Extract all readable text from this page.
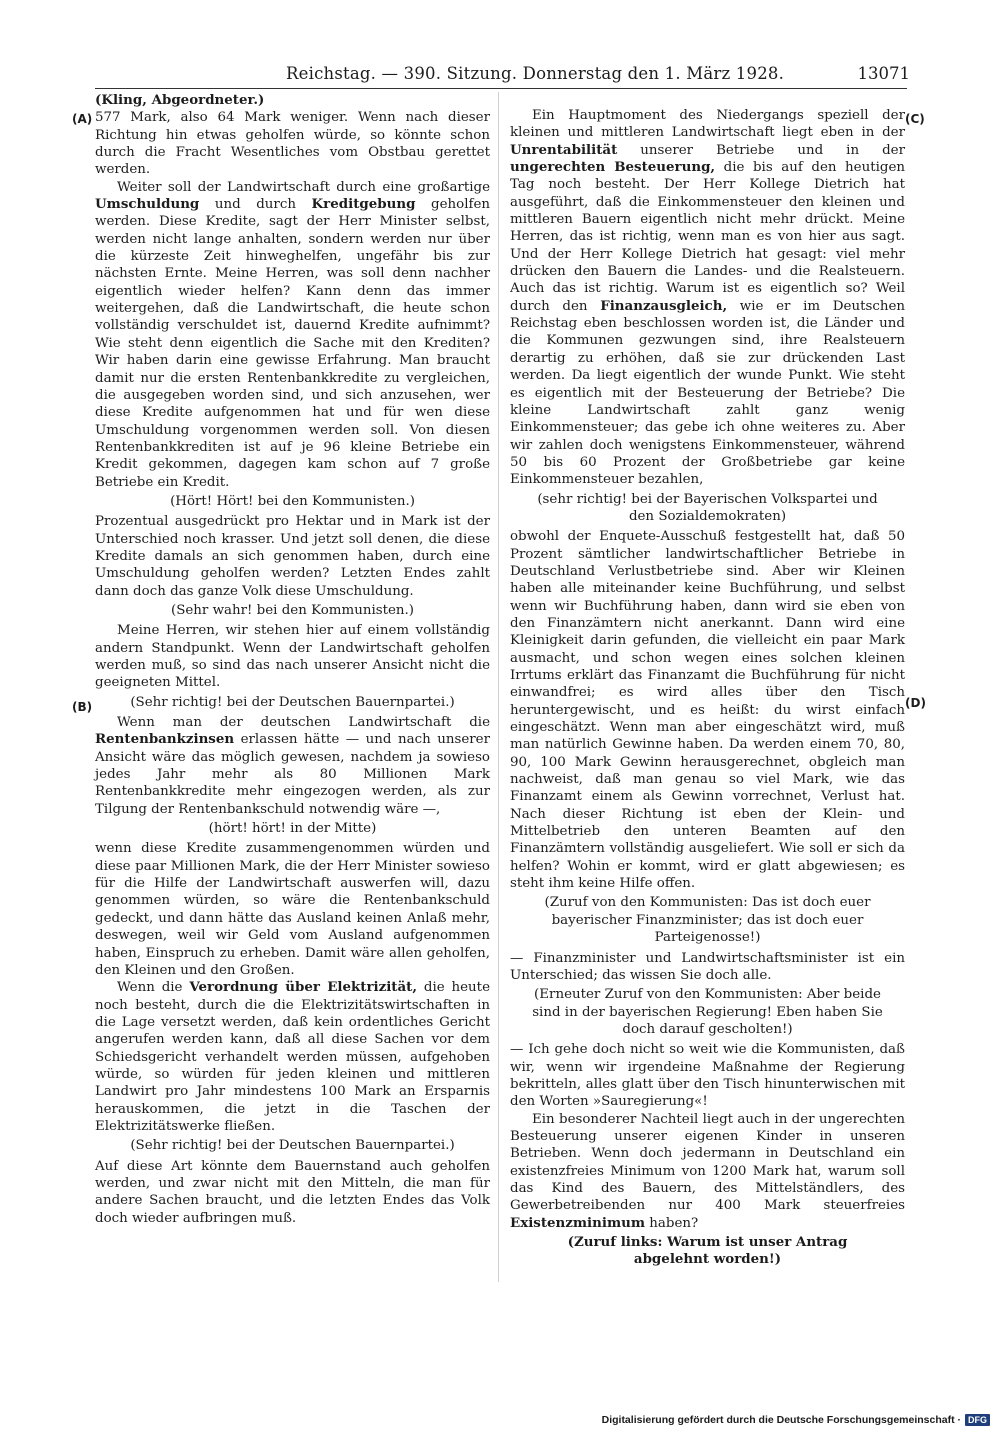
Reichstag. — 390. Sitzung. Donnerstag den 1. März 1928.	13071
(A)
(B)
(C)
(D)

(Kling, Abgeordneter.)

577 Mark, also 64 Mark weniger. Wenn nach dieser Richtung hin etwas geholfen würde, so könnte schon durch die Fracht Wesentliches vom Obstbau gerettet werden.

Weiter soll der Landwirtschaft durch eine großartige Umschuldung und durch Kreditgebung geholfen werden. Diese Kredite, sagt der Herr Minister selbst, werden nicht lange anhalten, sondern werden nur über die kürzeste Zeit hinweghelfen, ungefähr bis zur nächsten Ernte. Meine Herren, was soll denn nachher eigentlich wieder helfen? Kann denn das immer weitergehen, daß die Landwirtschaft, die heute schon vollständig verschuldet ist, dauernd Kredite aufnimmt? Wie steht denn eigentlich die Sache mit den Krediten? Wir haben darin eine gewisse Erfahrung. Man braucht damit nur die ersten Rentenbankkredite zu vergleichen, die ausgegeben worden sind, und sich anzusehen, wer diese Kredite aufgenommen hat und für wen diese Umschuldung vorgenommen werden soll. Von diesen Rentenbankkrediten ist auf je 96 kleine Betriebe ein Kredit gekommen, dagegen kam schon auf 7 große Betriebe ein Kredit.

(Hört! Hört! bei den Kommunisten.)

Prozentual ausgedrückt pro Hektar und in Mark ist der Unterschied noch krasser. Und jetzt soll denen, die diese Kredite damals an sich genommen haben, durch eine Umschuldung geholfen werden? Letzten Endes zahlt dann doch das ganze Volk diese Umschuldung.

(Sehr wahr! bei den Kommunisten.)

Meine Herren, wir stehen hier auf einem vollständig andern Standpunkt. Wenn der Landwirtschaft geholfen werden muß, so sind das nach unserer Ansicht nicht die geeigneten Mittel.

(Sehr richtig! bei der Deutschen Bauernpartei.)

Wenn man der deutschen Landwirtschaft die Rentenbankzinsen erlassen hätte — und nach unserer Ansicht wäre das möglich gewesen, nachdem ja sowieso jedes Jahr mehr als 80 Millionen Mark Rentenbankkredite mehr eingezogen werden, als zur Tilgung der Rentenbankschuld notwendig wäre —,

(hört! hört! in der Mitte)

wenn diese Kredite zusammengenommen würden und diese paar Millionen Mark, die der Herr Minister sowieso für die Hilfe der Landwirtschaft auswerfen will, dazu genommen würden, so wäre die Rentenbankschuld gedeckt, und dann hätte das Ausland keinen Anlaß mehr, deswegen, weil wir Geld vom Ausland aufgenommen haben, Einspruch zu erheben. Damit wäre allen geholfen, den Kleinen und den Großen.

Wenn die Verordnung über Elektrizität, die heute noch besteht, durch die die Elektrizitätswirtschaften in die Lage versetzt werden, daß kein ordentliches Gericht angerufen werden kann, daß all diese Sachen vor dem Schiedsgericht verhandelt werden müssen, aufgehoben würde, so würden für jeden kleinen und mittleren Landwirt pro Jahr mindestens 100 Mark an Ersparnis herauskommen, die jetzt in die Taschen der Elektrizitätswerke fließen.

(Sehr richtig! bei der Deutschen Bauernpartei.)

Auf diese Art könnte dem Bauernstand auch geholfen werden, und zwar nicht mit den Mitteln, die man für andere Sachen braucht, und die letzten Endes das Volk doch wieder aufbringen muß.

Ein Hauptmoment des Niedergangs speziell der kleinen und mittleren Landwirtschaft liegt eben in der Unrentabilität unserer Betriebe und in der ungerechten Besteuerung, die bis auf den heutigen Tag noch besteht. Der Herr Kollege Dietrich hat ausgeführt, daß die Einkommensteuer den kleinen und mittleren Bauern eigentlich nicht mehr drückt. Meine Herren, das ist richtig, wenn man es von hier aus sagt. Und der Herr Kollege Dietrich hat gesagt: viel mehr drücken den Bauern die Landes- und die Realsteuern. Auch das ist richtig. Warum ist es eigentlich so? Weil durch den Finanzausgleich, wie er im Deutschen Reichstag eben beschlossen worden ist, die Länder und die Kommunen gezwungen sind, ihre Realsteuern derartig zu erhöhen, daß sie zur drückenden Last werden. Da liegt eigentlich der wunde Punkt. Wie steht es eigentlich mit der Besteuerung der Betriebe? Die kleine Landwirtschaft zahlt ganz wenig Einkommensteuer; das gebe ich ohne weiteres zu. Aber wir zahlen doch wenigstens Einkommensteuer, während 50 bis 60 Prozent der Großbetriebe gar keine Einkommensteuer bezahlen,

(sehr richtig! bei der Bayerischen Volkspartei und den Sozialdemokraten)

obwohl der Enquete-Ausschuß festgestellt hat, daß 50 Prozent sämtlicher landwirtschaftlicher Betriebe in Deutschland Verlustbetriebe sind. Aber wir Kleinen haben alle miteinander keine Buchführung, und selbst wenn wir Buchführung haben, dann wird sie eben von den Finanzämtern nicht anerkannt. Dann wird eine Kleinigkeit darin gefunden, die vielleicht ein paar Mark ausmacht, und schon wegen eines solchen kleinen Irrtums erklärt das Finanzamt die Buchführung für nicht einwandfrei; es wird alles über den Tisch heruntergewischt, und es heißt: du wirst einfach eingeschätzt. Wenn man aber eingeschätzt wird, muß man natürlich Gewinne haben. Da werden einem 70, 80, 90, 100 Mark Gewinn herausgerechnet, obgleich man nachweist, daß man genau so viel Mark, wie das Finanzamt einem als Gewinn vorrechnet, Verlust hat. Nach dieser Richtung ist eben der Klein- und Mittelbetrieb den unteren Beamten auf den Finanzämtern vollständig ausgeliefert. Wie soll er sich da helfen? Wohin er kommt, wird er glatt abgewiesen; es steht ihm keine Hilfe offen.

(Zuruf von den Kommunisten: Das ist doch euer bayerischer Finanzminister; das ist doch euer Parteigenosse!)

— Finanzminister und Landwirtschaftsminister ist ein Unterschied; das wissen Sie doch alle.

(Erneuter Zuruf von den Kommunisten: Aber beide sind in der bayerischen Regierung! Eben haben Sie doch darauf gescholten!)

— Ich gehe doch nicht so weit wie die Kommunisten, daß wir, wenn wir irgendeine Maßnahme der Regierung bekritteln, alles glatt über den Tisch hinunterwischen mit den Worten »Sauregierung«!

Ein besonderer Nachteil liegt auch in der ungerechten Besteuerung unserer eigenen Kinder in unseren Betrieben. Wenn doch jedermann in Deutschland ein existenzfreies Minimum von 1200 Mark hat, warum soll das Kind des Bauern, des Mittelständlers, des Gewerbetreibenden nur 400 Mark steuerfreies Existenzminimum haben?

(Zuruf links: Warum ist unser Antrag abgelehnt worden!)

Digitalisierung gefördert durch die Deutsche Forschungsgemeinschaft · DFG
